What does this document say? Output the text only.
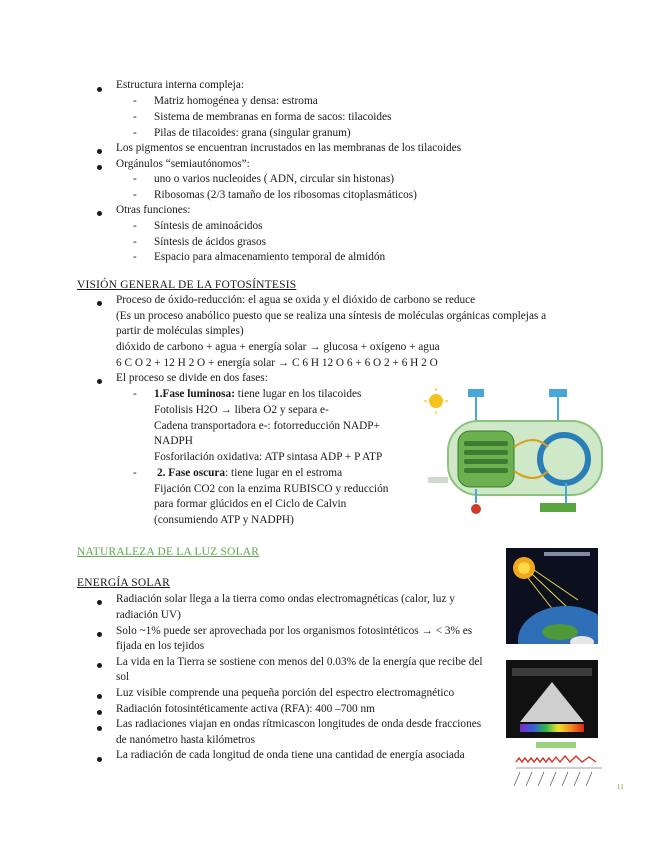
Estructura interna compleja:
- Matriz homogénea y densa: estroma
- Sistema de membranas en forma de sacos: tilacoides
- Pilas de tilacoides: grana (singular granum)
Los pigmentos se encuentran incrustados en las membranas de los tilacoides
Orgánulos “semiautónomos”:
- uno o varios nucleoides ( ADN, circular sin histonas)
- Ribosomas (2/3 tamaño de los ribosomas citoplasmáticos)
Otras funciones:
- Síntesis de aminoácidos
- Síntesis de ácidos grasos
- Espacio para almacenamiento temporal de almidón
VISIÓN GENERAL DE LA FOTOSÍNTESIS
Proceso de óxido-reducción: el agua se oxida y el dióxido de carbono se reduce
(Es un proceso anabólico puesto que se realiza una síntesis de moléculas orgánicas complejas a
partir de moléculas simples)
dióxido de carbono + agua + energía solar → glucosa + oxígeno + agua
6 C O 2 + 12 H 2 O + energía solar → C 6 H 12 O 6 + 6 O 2 + 6 H 2 O
El proceso se divide en dos fases:
- 1.Fase luminosa: tiene lugar en los tilacoides
Fotolisis H2O → libera O2 y separa e-
Cadena transportadora e-: fotorreducción NADP+
NADPH
Fosforilación oxidativa: ATP sintasa ADP + P ATP
- 2. Fase oscura: tiene lugar en el estroma
Fijación CO2 con la enzima RUBISCO y reducción
para formar glúcidos en el Ciclo de Calvin
(consumiendo ATP y NADPH)
NATURALEZA DE LA LUZ SOLAR
ENERGÍA SOLAR
Radiación solar llega a la tierra como ondas electromagnéticas (calor, luz y
radiación UV)
Solo ~1% puede ser aprovechada por los organismos fotosintéticos → < 3% es
fijada en los tejidos
La vida en la Tierra se sostiene con menos del 0.03% de la energía que recibe del
sol
Luz visible comprende una pequeña porción del espectro electromagnético
Radiación fotosintéticamente activa (RFA): 400 –700 nm
Las radiaciones viajan en ondas rítmicascon longitudes de onda desde fracciones
de nanómetro hasta kilómetros
La radiación de cada longitud de onda tiene una cantidad de energía asociada
11
